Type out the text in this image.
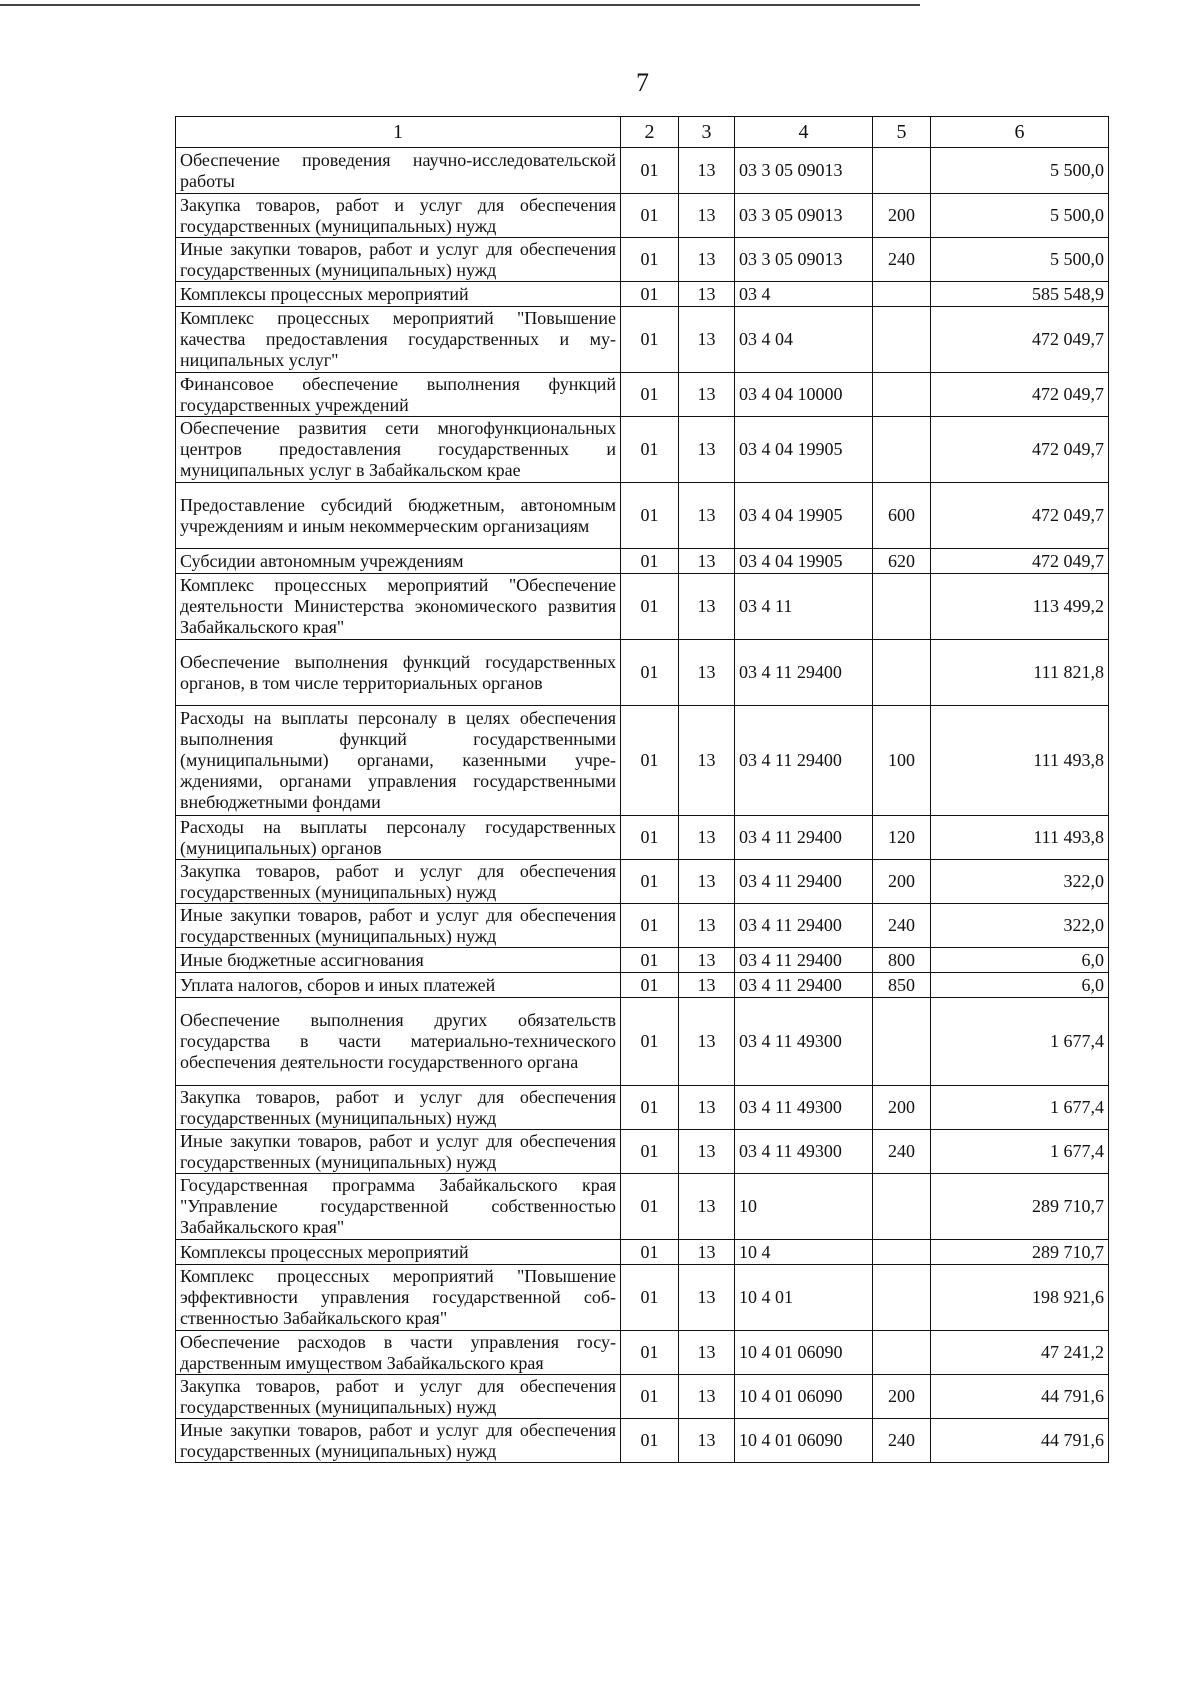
7
1	2	3	4	5	6
Обеспечение проведения научно-исследовательской работы	01	13	03 3 05 09013		5 500,0
Закупка товаров, работ и услуг для обеспечения государственных (муниципальных) нужд	01	13	03 3 05 09013	200	5 500,0
Иные закупки товаров, работ и услуг для обеспечения государственных (муниципальных) нужд	01	13	03 3 05 09013	240	5 500,0
Комплексы процессных мероприятий	01	13	03 4		585 548,9
Комплекс процессных мероприятий "Повышение качества предоставления государственных и муниципальных услуг"	01	13	03 4 04		472 049,7
Финансовое обеспечение выполнения функций государственных учреждений	01	13	03 4 04 10000		472 049,7
Обеспечение развития сети многофункциональных центров предоставления государственных и муниципальных услуг в Забайкальском крае	01	13	03 4 04 19905		472 049,7
Предоставление субсидий бюджетным, автономным учреждениям и иным некоммерческим организациям	01	13	03 4 04 19905	600	472 049,7
Субсидии автономным учреждениям	01	13	03 4 04 19905	620	472 049,7
Комплекс процессных мероприятий "Обеспечение деятельности Министерства экономического развития Забайкальского края"	01	13	03 4 11		113 499,2
Обеспечение выполнения функций государственных органов, в том числе территориальных органов	01	13	03 4 11 29400		111 821,8
Расходы на выплаты персоналу в целях обеспечения выполнения функций государственными (муниципальными) органами, казенными учреждениями, органами управления государственными внебюджетными фондами	01	13	03 4 11 29400	100	111 493,8
Расходы на выплаты персоналу государственных (муниципальных) органов	01	13	03 4 11 29400	120	111 493,8
Закупка товаров, работ и услуг для обеспечения государственных (муниципальных) нужд	01	13	03 4 11 29400	200	322,0
Иные закупки товаров, работ и услуг для обеспечения государственных (муниципальных) нужд	01	13	03 4 11 29400	240	322,0
Иные бюджетные ассигнования	01	13	03 4 11 29400	800	6,0
Уплата налогов, сборов и иных платежей	01	13	03 4 11 29400	850	6,0
Обеспечение выполнения других обязательств государства в части материально-технического обеспечения деятельности государственного органа	01	13	03 4 11 49300		1 677,4
Закупка товаров, работ и услуг для обеспечения государственных (муниципальных) нужд	01	13	03 4 11 49300	200	1 677,4
Иные закупки товаров, работ и услуг для обеспечения государственных (муниципальных) нужд	01	13	03 4 11 49300	240	1 677,4
Государственная программа Забайкальского края "Управление государственной собственностью Забайкальского края"	01	13	10		289 710,7
Комплексы процессных мероприятий	01	13	10 4		289 710,7
Комплекс процессных мероприятий "Повышение эффективности управления государственной собственностью Забайкальского края"	01	13	10 4 01		198 921,6
Обеспечение расходов в части управления государственным имуществом Забайкальского края	01	13	10 4 01 06090		47 241,2
Закупка товаров, работ и услуг для обеспечения государственных (муниципальных) нужд	01	13	10 4 01 06090	200	44 791,6
Иные закупки товаров, работ и услуг для обеспечения государственных (муниципальных) нужд	01	13	10 4 01 06090	240	44 791,6
